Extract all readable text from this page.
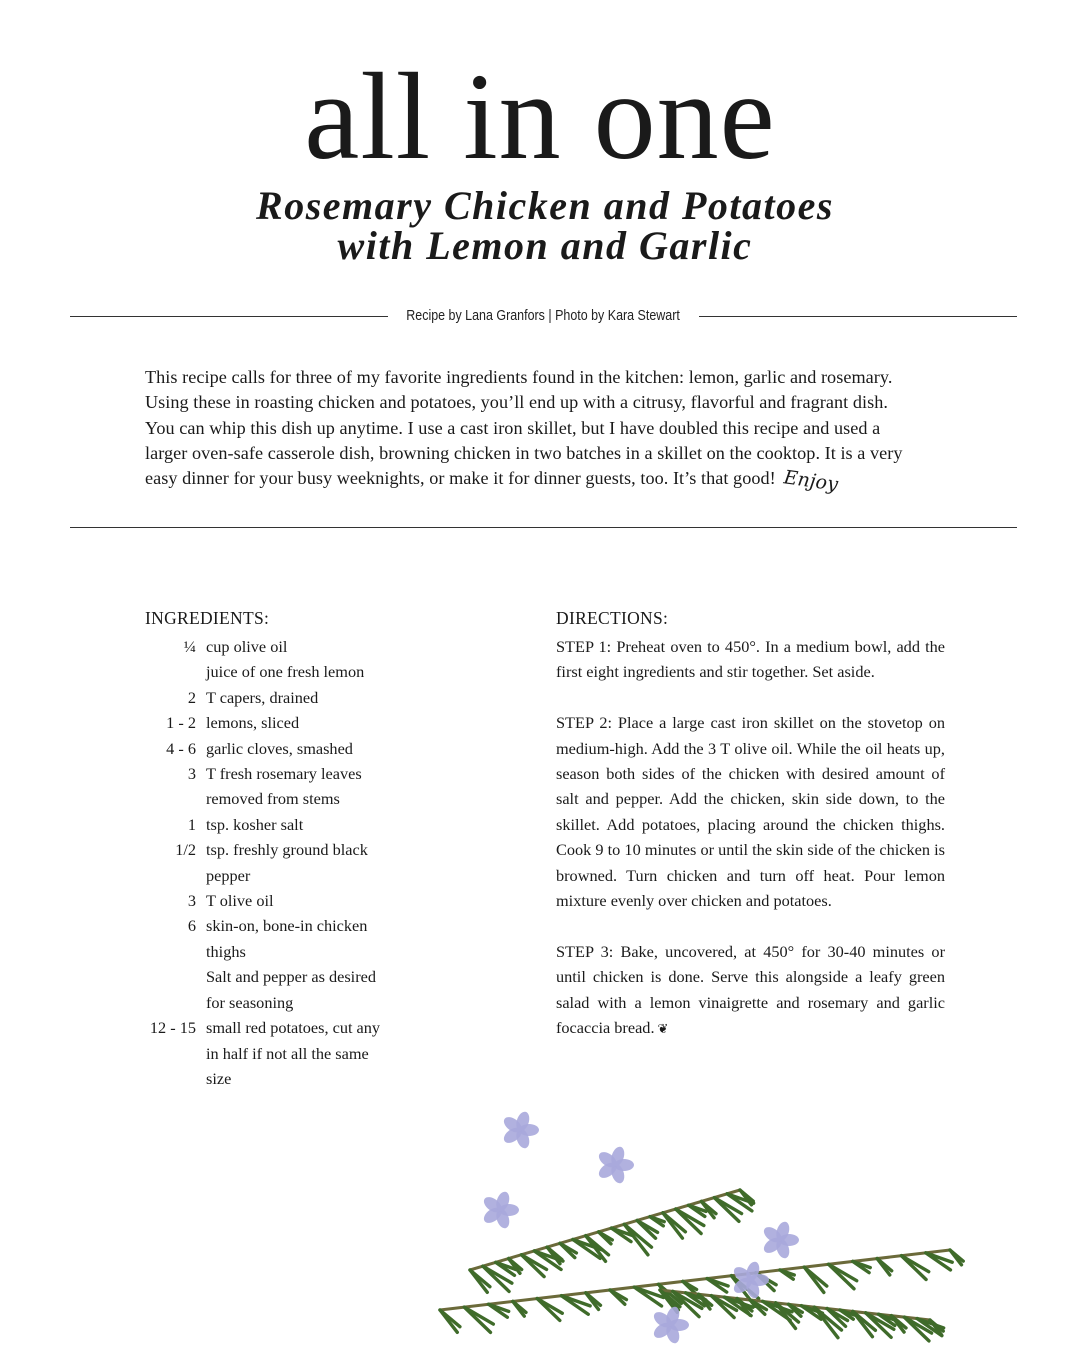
all in one
Rosemary Chicken and Potatoes
with Lemon and Garlic
Recipe by Lana Granfors | Photo by Kara Stewart
This recipe calls for three of my favorite ingredients found in the kitchen: lemon, garlic and rosemary.
Using these in roasting chicken and potatoes, you’ll end up with a citrusy, flavorful and fragrant dish.
You can whip this dish up anytime. I use a cast iron skillet, but I have doubled this recipe and used a
larger oven-safe casserole dish, browning chicken in two batches in a skillet on the cooktop. It is a very
easy dinner for your busy weeknights, or make it for dinner guests, too. It’s that good! Enjoy
INGREDIENTS:
¼ cup olive oil
juice of one fresh lemon
2 T capers, drained
1 - 2 lemons, sliced
4 - 6 garlic cloves, smashed
3 T fresh rosemary leaves
removed from stems
1 tsp. kosher salt
1/2 tsp. freshly ground black
pepper
3 T olive oil
6 skin-on, bone-in chicken
thighs
Salt and pepper as desired
for seasoning
12 - 15 small red potatoes, cut any
in half if not all the same
size
DIRECTIONS:

STEP 1: Preheat oven to 450°. In a medium bowl, add the first eight ingredients and stir together. Set aside.

STEP 2: Place a large cast iron skillet on the stovetop on medium-high. Add the 3 T olive oil. While the oil heats up, season both sides of the chicken with desired amount of salt and pepper. Add the chicken, skin side down, to the skillet. Add potatoes, placing around the chicken thighs. Cook 9 to 10 minutes or until the skin side of the chicken is browned. Turn chicken and turn off heat. Pour lemon mixture evenly over chicken and potatoes.

STEP 3: Bake, uncovered, at 450° for 30-40 minutes or until chicken is done. Serve this alongside a leafy green salad with a lemon vinaigrette and rosemary and garlic focaccia bread. ❦
